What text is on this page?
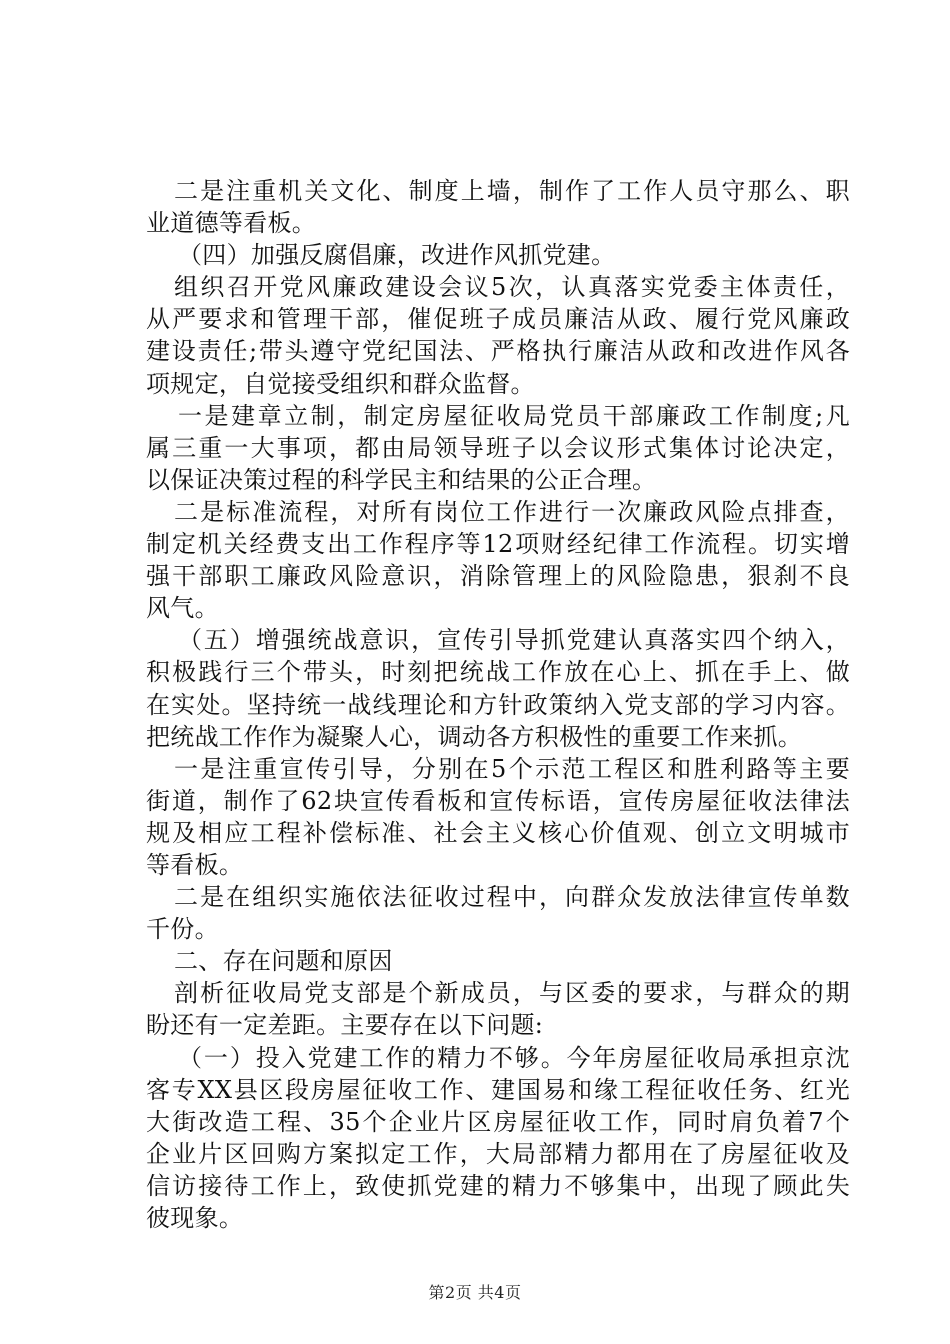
二是注重机关文化、制度上墙，制作了工作人员守那么、职
业道德等看板。

（四）加强反腐倡廉，改进作风抓党建。

组织召开党风廉政建设会议5次，认真落实党委主体责任，
从严要求和管理干部，催促班子成员廉洁从政、履行党风廉政
建设责任;带头遵守党纪国法、严格执行廉洁从政和改进作风各
项规定，自觉接受组织和群众监督。

一是建章立制，制定房屋征收局党员干部廉政工作制度;凡
属三重一大事项，都由局领导班子以会议形式集体讨论决定，
以保证决策过程的科学民主和结果的公正合理。

二是标准流程，对所有岗位工作进行一次廉政风险点排查，
制定机关经费支出工作程序等12项财经纪律工作流程。切实增
强干部职工廉政风险意识，消除管理上的风险隐患，狠刹不良
风气。

（五）增强统战意识，宣传引导抓党建认真落实四个纳入，
积极践行三个带头，时刻把统战工作放在心上、抓在手上、做
在实处。坚持统一战线理论和方针政策纳入党支部的学习内容。
把统战工作作为凝聚人心，调动各方积极性的重要工作来抓。

一是注重宣传引导，分别在5个示范工程区和胜利路等主要
街道，制作了62块宣传看板和宣传标语，宣传房屋征收法律法
规及相应工程补偿标准、社会主义核心价值观、创立文明城市
等看板。

二是在组织实施依法征收过程中，向群众发放法律宣传单数
千份。

二、存在问题和原因

剖析征收局党支部是个新成员，与区委的要求，与群众的期
盼还有一定差距。主要存在以下问题:

（一）投入党建工作的精力不够。今年房屋征收局承担京沈
客专XX县区段房屋征收工作、建国易和缘工程征收任务、红光
大街改造工程、35个企业片区房屋征收工作，同时肩负着7个
企业片区回购方案拟定工作，大局部精力都用在了房屋征收及
信访接待工作上，致使抓党建的精力不够集中，出现了顾此失
彼现象。

第2页 共4页
